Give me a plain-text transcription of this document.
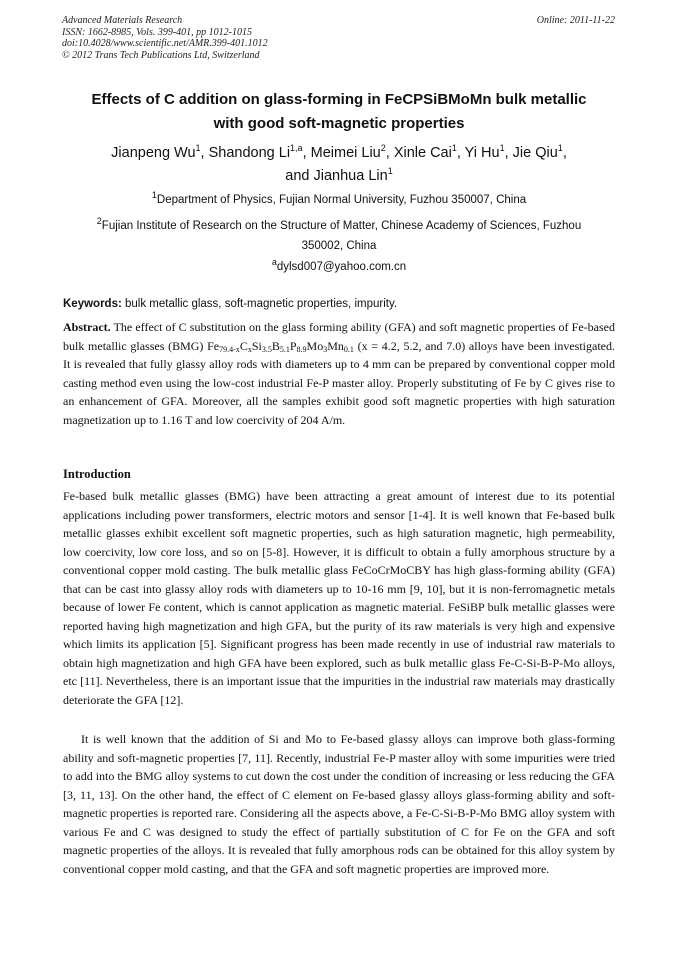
Advanced Materials Research
ISSN: 1662-8985, Vols. 399-401, pp 1012-1015
doi:10.4028/www.scientific.net/AMR.399-401.1012
© 2012 Trans Tech Publications Ltd, Switzerland
Online: 2011-11-22
Effects of C addition on glass-forming in FeCPSiBMoMn bulk metallic
with good soft-magnetic properties
Jianpeng Wu$^1$, Shandong Li$^{1,a}$, Meimei Liu$^2$, Xinle Cai$^1$, Yi Hu$^1$, Jie Qiu$^1$,
and Jianhua Lin$^1$
$^1$Department of Physics, Fujian Normal University, Fuzhou 350007, China
$^2$Fujian Institute of Research on the Structure of Matter, Chinese Academy of Sciences, Fuzhou
350002, China
$^a$dylsd007@yahoo.com.cn
Keywords: bulk metallic glass, soft-magnetic properties, impurity.
Abstract. The effect of C substitution on the glass forming ability (GFA) and soft magnetic properties of Fe-based bulk metallic glasses (BMG) $Fe_{79.4-x}C_xSi_{3.5}B_{5.1}P_{8.9}Mo_3Mn_{0.1}$ (x = 4.2, 5.2, and 7.0) alloys have been investigated. It is revealed that fully glassy alloy rods with diameters up to 4 mm can be prepared by conventional copper mold casting method even using the low-cost industrial Fe-P master alloy. Properly substituting of Fe by C gives rise to an enhancement of GFA. Moreover, all the samples exhibit good soft magnetic properties with high saturation magnetization up to 1.16 T and low coercivity of 204 A/m.
Introduction
Fe-based bulk metallic glasses (BMG) have been attracting a great amount of interest due to its potential applications including power transformers, electric motors and sensor [1-4]. It is well known that Fe-based bulk metallic glasses exhibit excellent soft magnetic properties, such as high saturation magnetic, high permeability, low coercivity, low core loss, and so on [5-8]. However, it is difficult to obtain a fully amorphous structure by a conventional copper mold casting. The bulk metallic glass FeCoCrMoCBY has high glass-forming ability (GFA) that can be cast into glassy alloy rods with diameters up to 10-16 mm [9, 10], but it is non-ferromagnetic metals because of lower Fe content, which is cannot application as magnetic material. FeSiBP bulk metallic glasses were reported having high magnetization and high GFA, but the purity of its raw materials is very high and expensive which limits its application [5]. Significant progress has been made recently in use of industrial raw materials to obtain high magnetization and high GFA have been explored, such as bulk metallic glass Fe-C-Si-B-P-Mo alloys, etc [11]. Nevertheless, there is an important issue that the impurities in the industrial raw materials may drastically deteriorate the GFA [12].
It is well known that the addition of Si and Mo to Fe-based glassy alloys can improve both glass-forming ability and soft-magnetic properties [7, 11]. Recently, industrial Fe-P master alloy with some impurities were tried to add into the BMG alloy systems to cut down the cost under the condition of increasing or less reducing the GFA [3, 11, 13]. On the other hand, the effect of C element on Fe-based glassy alloys glass-forming ability and soft-magnetic properties is reported rare. Considering all the aspects above, a Fe-C-Si-B-P-Mo BMG alloy system with various Fe and C was designed to study the effect of partially substitution of C for Fe on the GFA and soft magnetic properties of the alloys. It is revealed that fully amorphous rods can be obtained for this alloy system by conventional copper mold casting, and that the GFA and soft magnetic properties are improved more.
